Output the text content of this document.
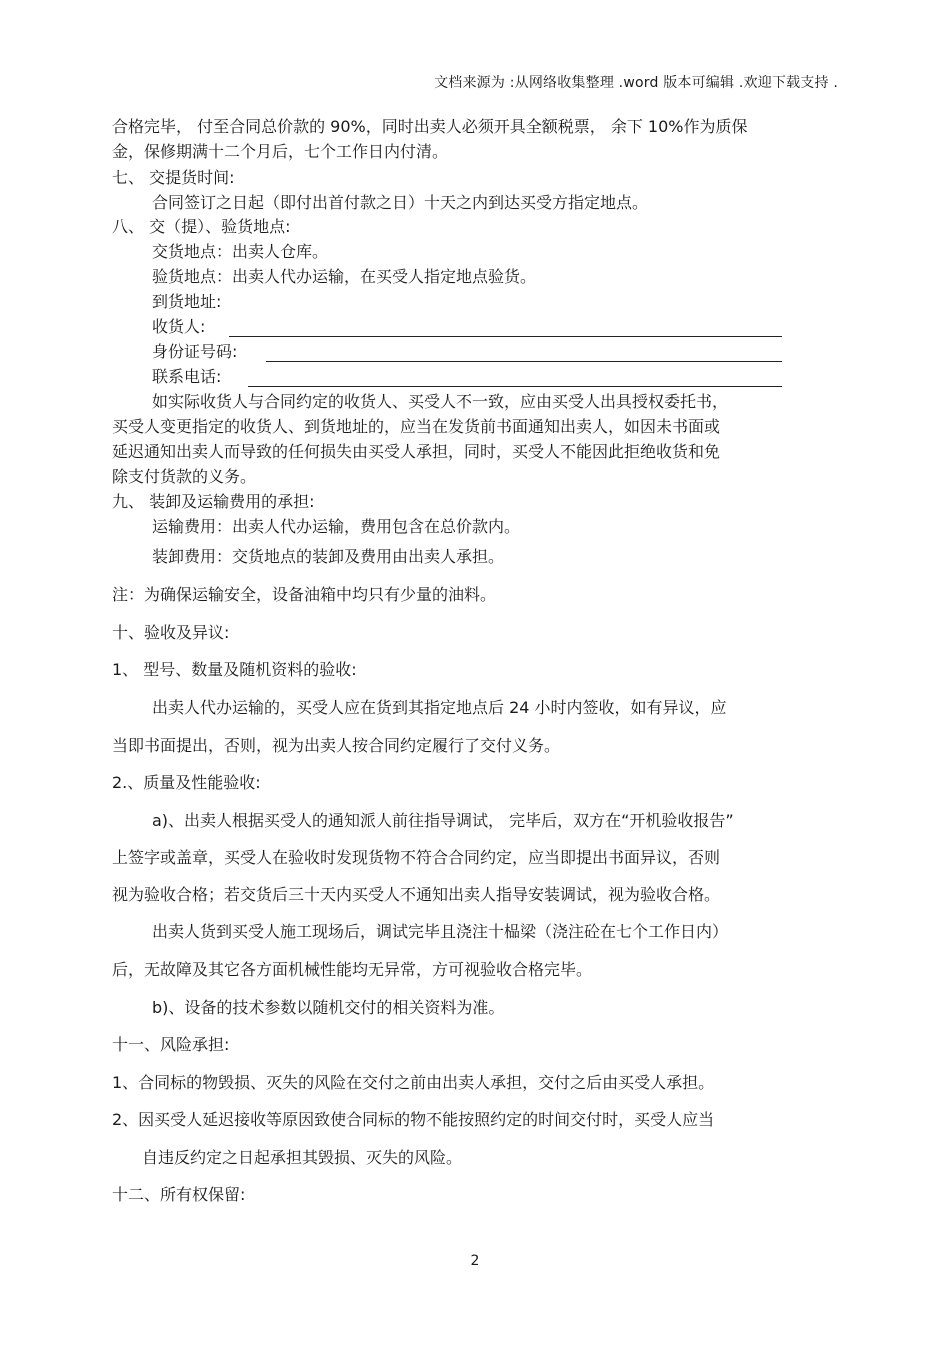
文档来源为 :从网络收集整理 .word 版本可编辑 .欢迎下载支持 .
合格完毕， 付至合同总价款的 90%，同时出卖人必须开具全额税票， 余下 10%作为质保
金，保修期满十二个月后，七个工作日内付清。
七、 交提货时间:
合同签订之日起（即付出首付款之日）十天之内到达买受方指定地点。
八、 交（提）、验货地点:
交货地点：出卖人仓库。
验货地点：出卖人代办运输，在买受人指定地点验货。
到货地址:
收货人:
身份证号码:
联系电话:
如实际收货人与合同约定的收货人、买受人不一致，应由买受人出具授权委托书，
买受人变更指定的收货人、到货地址的，应当在发货前书面通知出卖人，如因未书面或
延迟通知出卖人而导致的任何损失由买受人承担，同时，买受人不能因此拒绝收货和免
除支付货款的义务。
九、 装卸及运输费用的承担:
运输费用：出卖人代办运输，费用包含在总价款内。
装卸费用：交货地点的装卸及费用由出卖人承担。
注：为确保运输安全，设备油箱中均只有少量的油料。
十、验收及异议:
1、 型号、数量及随机资料的验收:
出卖人代办运输的，买受人应在货到其指定地点后 24 小时内签收，如有异议，应
当即书面提出，否则，视为出卖人按合同约定履行了交付义务。
2.、质量及性能验收:
a)、出卖人根据买受人的通知派人前往指导调试， 完毕后，双方在“开机验收报告”
上签字或盖章，买受人在验收时发现货物不符合合同约定，应当即提出书面异议，否则
视为验收合格；若交货后三十天内买受人不通知出卖人指导安装调试，视为验收合格。
出卖人货到买受人施工现场后，调试完毕且浇注十榀梁（浇注砼在七个工作日内）
后，无故障及其它各方面机械性能均无异常，方可视验收合格完毕。
b)、设备的技术参数以随机交付的相关资料为准。
十一、风险承担:
1、合同标的物毁损、灭失的风险在交付之前由出卖人承担，交付之后由买受人承担。
2、因买受人延迟接收等原因致使合同标的物不能按照约定的时间交付时，买受人应当
自违反约定之日起承担其毁损、灭失的风险。
十二、所有权保留:
2
